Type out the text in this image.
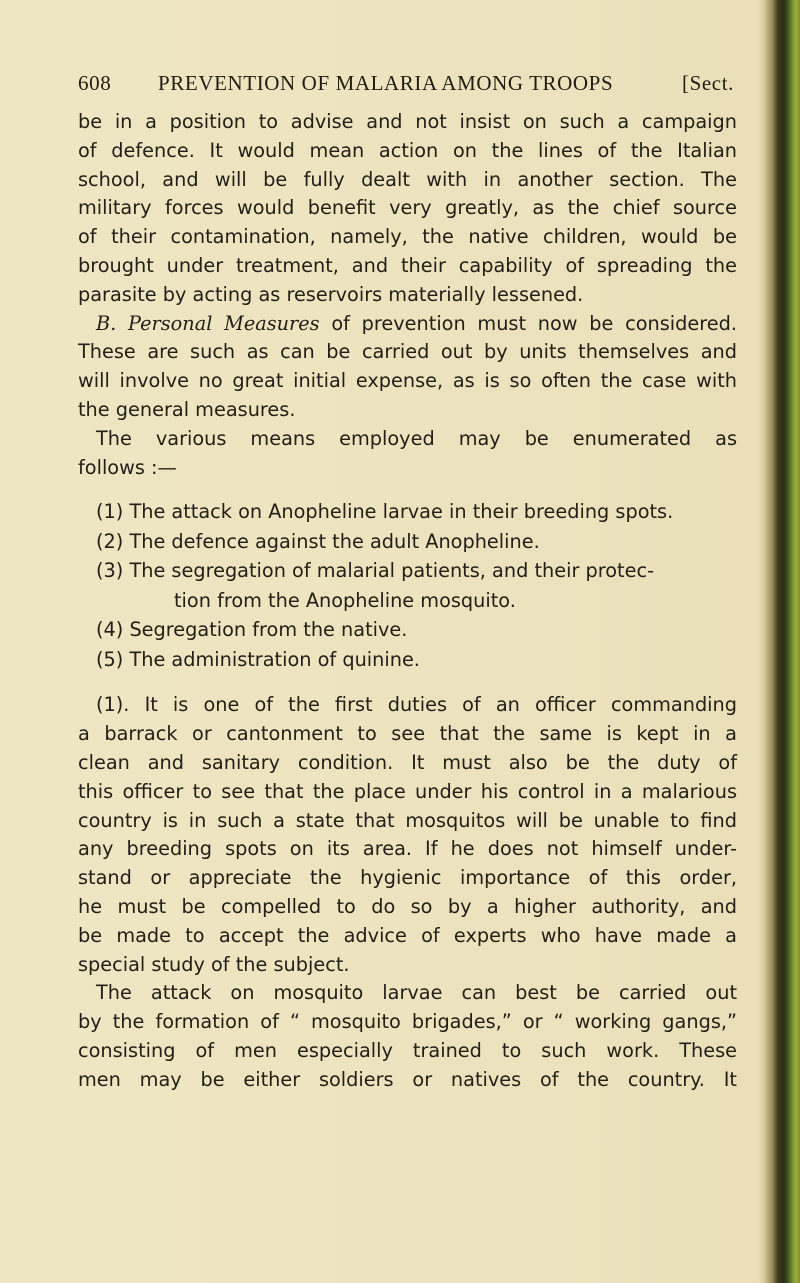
608 PREVENTION OF MALARIA AMONG TROOPS	[Sect.
be in a position to advise and not insist on such a campaign
of defence. It would mean action on the lines of the Italian
school, and will be fully dealt with in another section. The
military forces would benefit very greatly, as the chief source
of their contamination, namely, the native children, would be
brought under treatment, and their capability of spreading the
parasite by acting as reservoirs materially lessened.
B. Personal Measures of prevention must now be considered.
These are such as can be carried out by units themselves and
will involve no great initial expense, as is so often the case with
the general measures.
The various means employed may be enumerated as
follows :—
(1) The attack on Anopheline larvae in their breeding spots.
(2) The defence against the adult Anopheline.
(3) The segregation of malarial patients, and their protec-
tion from the Anopheline mosquito.
(4) Segregation from the native.
(5) The administration of quinine.
(1). It is one of the first duties of an officer commanding
a barrack or cantonment to see that the same is kept in a
clean and sanitary condition. It must also be the duty of
this officer to see that the place under his control in a malarious
country is in such a state that mosquitos will be unable to find
any breeding spots on its area. If he does not himself under-
stand or appreciate the hygienic importance of this order,
he must be compelled to do so by a higher authority, and
be made to accept the advice of experts who have made a
special study of the subject.
The attack on mosquito larvae can best be carried out
by the formation of “ mosquito brigades,” or “ working gangs,”
consisting of men especially trained to such work. These
men may be either soldiers or natives of the country. It
